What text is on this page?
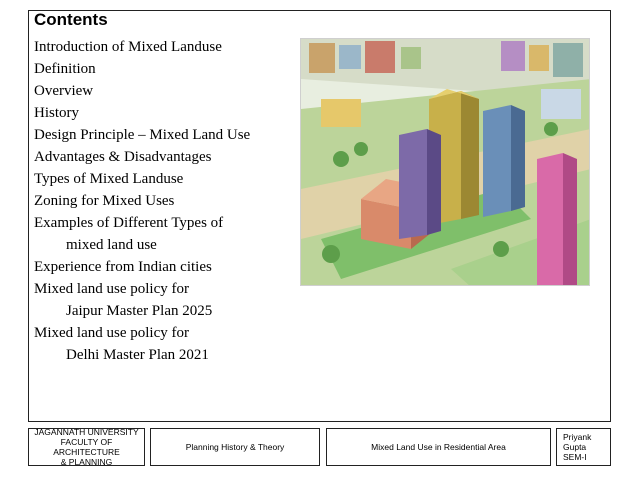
Contents
Introduction of Mixed Landuse
Definition
Overview
History
Design Principle – Mixed Land Use
Advantages & Disadvantages
Types of Mixed Landuse
Zoning for Mixed Uses
Examples of Different Types of
mixed land use
Experience from Indian cities
Mixed land use policy for
Jaipur Master Plan 2025
Mixed land use policy for
Delhi Master Plan 2021
JAGANNATH UNIVERSITY
FACULTY OF ARCHITECTURE
& PLANNING
Planning History & Theory	Mixed Land Use in Residential Area
Priyank Gupta
SEM-I
